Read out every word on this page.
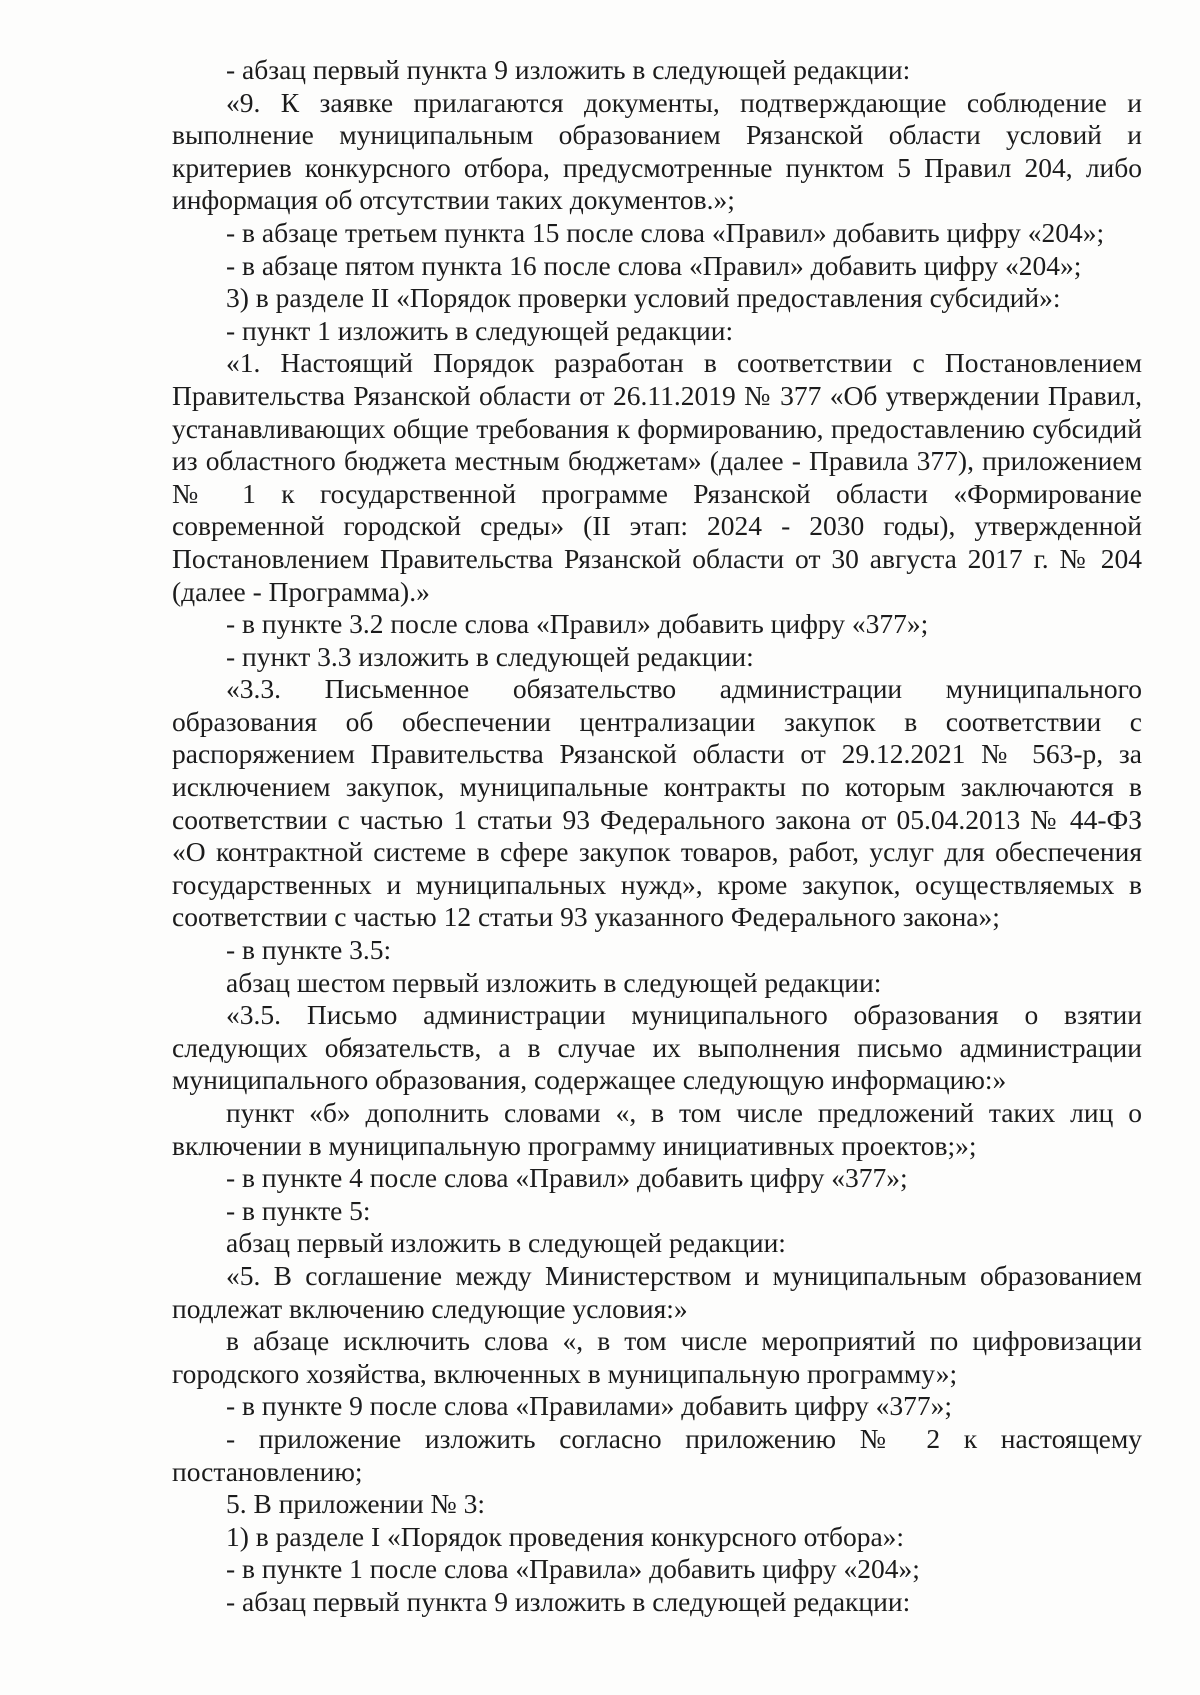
- абзац первый пункта 9 изложить в следующей редакции:

«9. К заявке прилагаются документы, подтверждающие соблюдение и выполнение муниципальным образованием Рязанской области условий и критериев конкурсного отбора, предусмотренные пунктом 5 Правил 204, либо информация об отсутствии таких документов.»;

- в абзаце третьем пункта 15 после слова «Правил» добавить цифру «204»;

- в абзаце пятом пункта 16 после слова «Правил» добавить цифру «204»;

3) в разделе II «Порядок проверки условий предоставления субсидий»:

- пункт 1 изложить в следующей редакции:

«1. Настоящий Порядок разработан в соответствии с Постановлением Правительства Рязанской области от 26.11.2019 № 377 «Об утверждении Правил, устанавливающих общие требования к формированию, предоставлению субсидий из областного бюджета местным бюджетам» (далее - Правила 377), приложением № 1 к государственной программе Рязанской области «Формирование современной городской среды» (II этап: 2024 - 2030 годы), утвержденной Постановлением Правительства Рязанской области от 30 августа 2017 г. № 204 (далее - Программа).»

- в пункте 3.2 после слова «Правил» добавить цифру «377»;

- пункт 3.3 изложить в следующей редакции:

«3.3. Письменное обязательство администрации муниципального образования об обеспечении централизации закупок в соответствии с распоряжением Правительства Рязанской области от 29.12.2021 № 563-р, за исключением закупок, муниципальные контракты по которым заключаются в соответствии с частью 1 статьи 93 Федерального закона от 05.04.2013 № 44-ФЗ «О контрактной системе в сфере закупок товаров, работ, услуг для обеспечения государственных и муниципальных нужд», кроме закупок, осуществляемых в соответствии с частью 12 статьи 93 указанного Федерального закона»;

- в пункте 3.5:

абзац шестом первый изложить в следующей редакции:

«3.5. Письмо администрации муниципального образования о взятии следующих обязательств, а в случае их выполнения письмо администрации муниципального образования, содержащее следующую информацию:»

пункт «б» дополнить словами «, в том числе предложений таких лиц о включении в муниципальную программу инициативных проектов;»;

- в пункте 4 после слова «Правил» добавить цифру «377»;

- в пункте 5:

абзац первый изложить в следующей редакции:

«5. В соглашение между Министерством и муниципальным образованием подлежат включению следующие условия:»

в абзаце исключить слова «, в том числе мероприятий по цифровизации городского хозяйства, включенных в муниципальную программу»;

- в пункте 9 после слова «Правилами» добавить цифру «377»;

- приложение изложить согласно приложению № 2 к настоящему постановлению;

5. В приложении № 3:

1) в разделе I «Порядок проведения конкурсного отбора»:

- в пункте 1 после слова «Правила» добавить цифру «204»;

- абзац первый пункта 9 изложить в следующей редакции:
